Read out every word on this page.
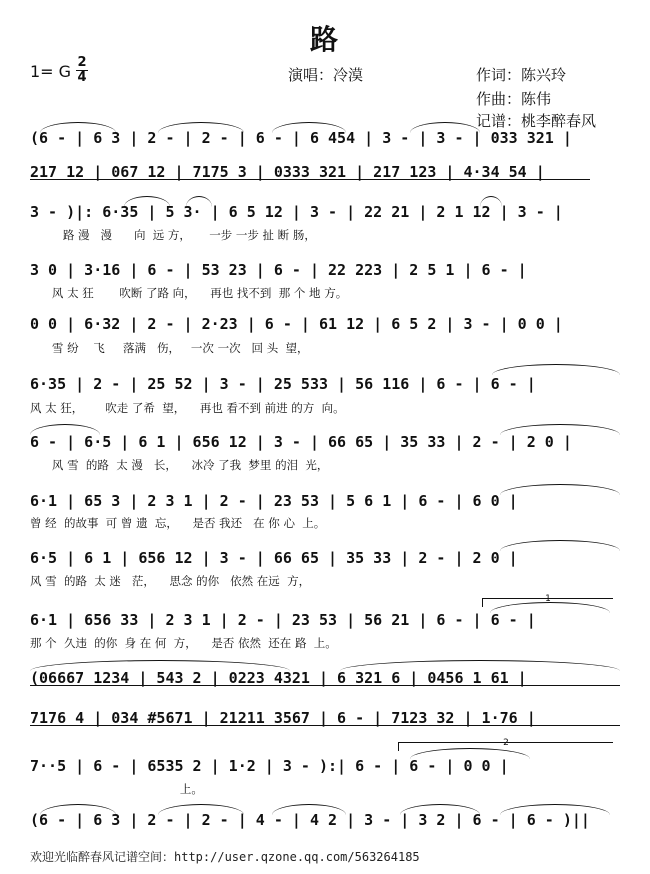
路
1= G 2
4	演唱：冷漠	作词：陈兴玲
作曲：陈伟
记谱：桃李醉春风
(6 - | 6 3 | 2 - | 2 - | 6 - | 6 454 | 3 - | 3 - | 033 321 |
217 12 | 067 12 | 7175 3 | 0333 321 | 217 123 | 4·34 54 |
3 - )|: 6·35 | 5 3· | 6 5 12 | 3 - | 22 21 | 2 1 12 | 3 - |
路 漫   漫      向  远 方，     一步 一步 扯 断 肠，
3 0 | 3·16 | 6 - | 53 23 | 6 - | 22 223 | 2 5 1 | 6 - |
风 太 狂       吹断 了路 向，    再也 找不到  那 个 地 方。
0 0 | 6·32 | 2 - | 2·23 | 6 - | 61 12 | 6 5 2 | 3 - | 0 0 |
雪 纷    飞     落满   伤，   一次 一次   回 头  望，
6·35 | 2 - | 25 52 | 3 - | 25 533 | 56 116 | 6 - | 6 - |
风 太 狂，      吹走 了希  望，    再也 看不到 前进 的方  向。
6 - | 6·5 | 6 1 | 656 12 | 3 - | 66 65 | 35 33 | 2 - | 2 0 |
风 雪  的路  太 漫   长，    冰冷 了我  梦里 的泪  光，
6·1 | 65 3 | 2 3 1 | 2 - | 23 53 | 5 6 1 | 6 - | 6 0 |
曾 经  的故事  可 曾 遗  忘，    是否 我还   在 你 心  上。
6·5 | 6 1 | 656 12 | 3 - | 66 65 | 35 33 | 2 - | 2 0 |
风 雪  的路  太 迷   茫，    思念 的你   依然 在远  方，
6·1 | 656 33 | 2 3 1 | 2 - | 23 53 | 56 21 | 6 - | 6 - |
那 个  久违  的你  身 在 何  方，    是否 依然  还在 路  上。
(06667 1234 | 543 2 | 0223 4321 | 6 321 6 | 0456 1 61 |
7176 4 | 034 #5671 | 21211 3567 | 6 - | 7123 32 | 1·76 |
7··5 | 6 - | 6535 2 | 1·2 | 3 - ):| 6 - | 6 - | 0 0 |
上。
(6 - | 6 3 | 2 - | 2 - | 4 - | 4 2 | 3 - | 3 2 | 6 - | 6 - )||
1
2
欢迎光临醉春风记谱空间：http://user.qzone.qq.com/563264185
